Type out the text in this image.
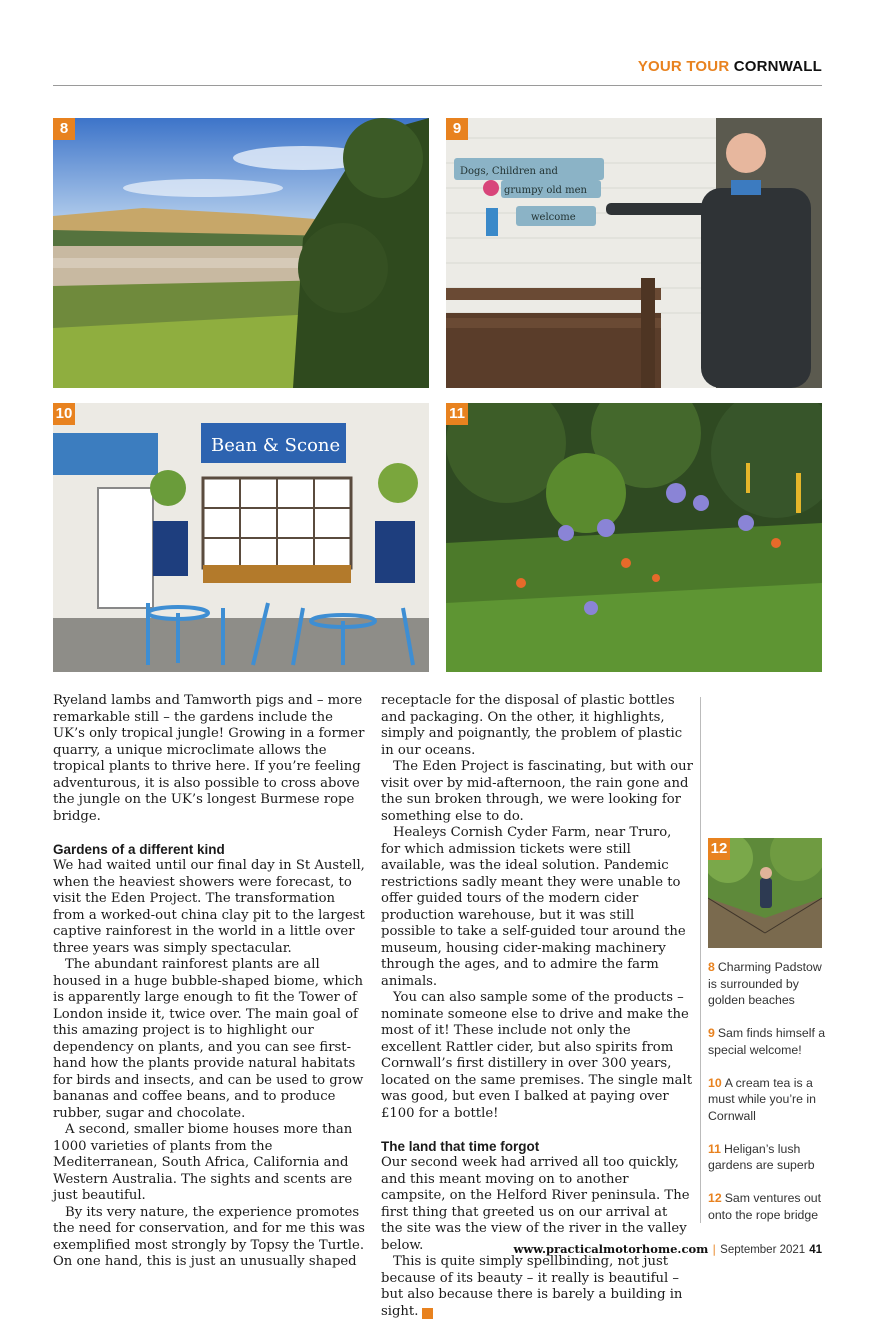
YOUR TOUR CORNWALL
8
Dogs, Children and
grumpy old men
welcome
9
Bean & Scone
10	11
12

Ryeland lambs and Tamworth pigs and – more remarkable still – the gardens include the UK’s only tropical jungle! Growing in a former quarry, a unique microclimate allows the tropical plants to thrive here. If you’re feeling adventurous, it is also possible to cross above the jungle on the UK’s longest Burmese rope bridge.

Gardens of a different kind

We had waited until our final day in St Austell, when the heaviest showers were forecast, to visit the Eden Project. The transformation from a worked-out china clay pit to the largest captive rainforest in the world in a little over three years was simply spectacular.

The abundant rainforest plants are all housed in a huge bubble-shaped biome, which is apparently large enough to fit the Tower of London inside it, twice over. The main goal of this amazing project is to highlight our dependency on plants, and you can see first-hand how the plants provide natural habitats for birds and insects, and can be used to grow bananas and coffee beans, and to produce rubber, sugar and chocolate.

A second, smaller biome houses more than 1000 varieties of plants from the Mediterranean, South Africa, California and Western Australia. The sights and scents are just beautiful.

By its very nature, the experience promotes the need for conservation, and for me this was exemplified most strongly by Topsy the Turtle. On one hand, this is just an unusually shaped

receptacle for the disposal of plastic bottles and packaging. On the other, it highlights, simply and poignantly, the problem of plastic in our oceans.

The Eden Project is fascinating, but with our visit over by mid-afternoon, the rain gone and the sun broken through, we were looking for something else to do.

Healeys Cornish Cyder Farm, near Truro, for which admission tickets were still available, was the ideal solution. Pandemic restrictions sadly meant they were unable to offer guided tours of the modern cider production warehouse, but it was still possible to take a self-guided tour around the museum, housing cider-making machinery through the ages, and to admire the farm animals.

You can also sample some of the products – nominate someone else to drive and make the most of it! These include not only the excellent Rattler cider, but also spirits from Cornwall’s first distillery in over 300 years, located on the same premises. The single malt was good, but even I balked at paying over £100 for a bottle!

The land that time forgot

Our second week had arrived all too quickly, and this meant moving on to another campsite, on the Helford River peninsula. The first thing that greeted us on our arrival at the site was the view of the river in the valley below.

This is quite simply spellbinding, not just because of its beauty – it really is beautiful – but also because there is barely a building in sight. ▶

8 Charming Padstow is surrounded by golden beaches

9 Sam finds himself a special welcome!

10 A cream tea is a must while you’re in Cornwall

11 Heligan’s lush gardens are superb

12 Sam ventures out onto the rope bridge

www.practicalmotorhome.com | September 2021 41
